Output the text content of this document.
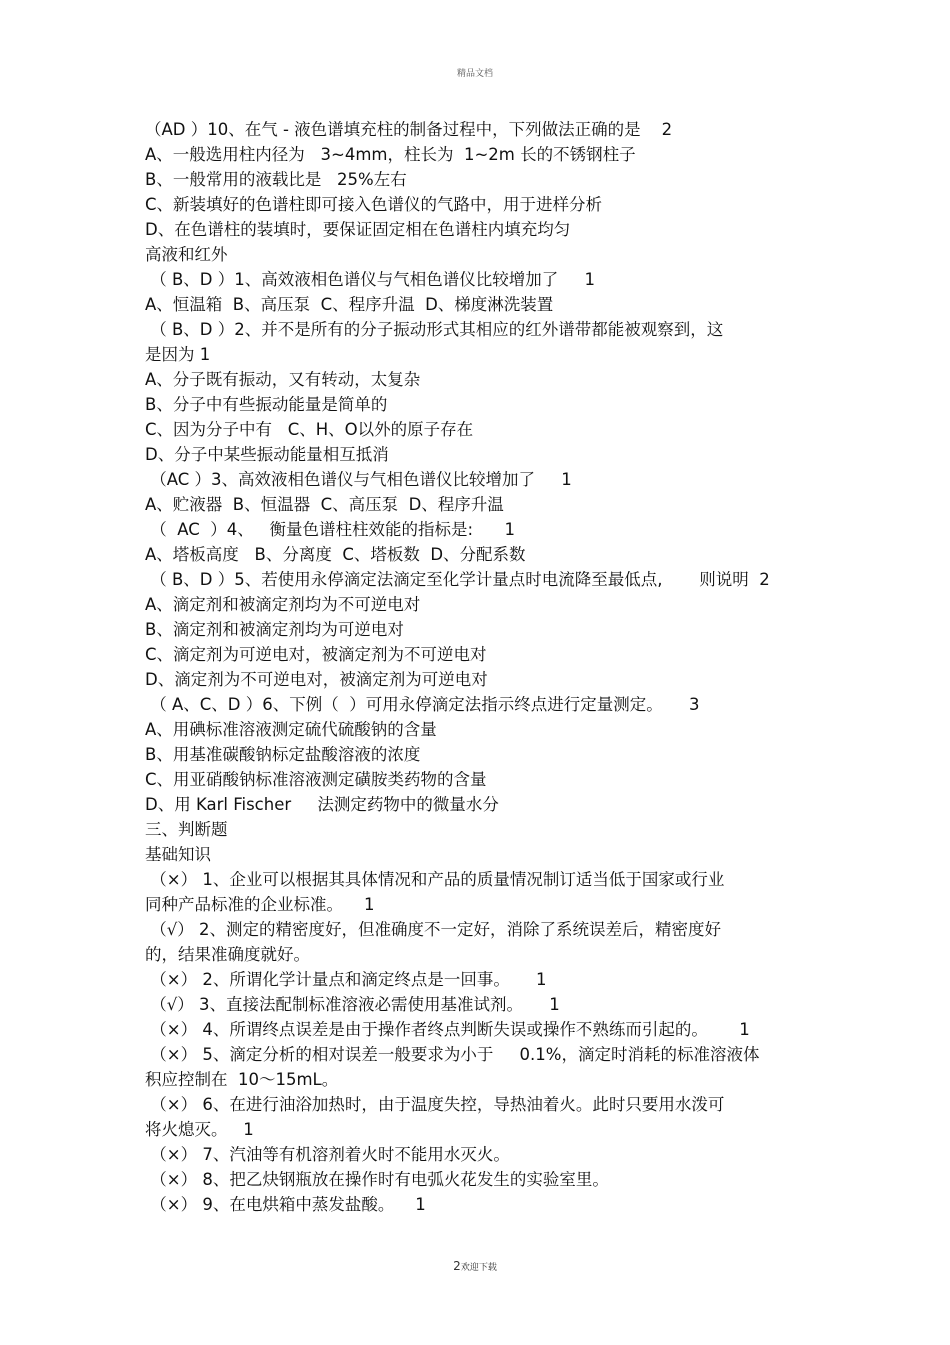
精品文档
（AD ）10、在气 - 液色谱填充柱的制备过程中，下列做法正确的是    2
A、一般选用柱内径为   3~4mm，柱长为  1~2m 长的不锈钢柱子
B、一般常用的液载比是   25%左右
C、新装填好的色谱柱即可接入色谱仪的气路中，用于进样分析
D、在色谱柱的装填时，要保证固定相在色谱柱内填充均匀
高液和红外
（ B、D ）1、高效液相色谱仪与气相色谱仪比较增加了     1
A、恒温箱  B、高压泵  C、程序升温  D、梯度淋洗装置
（ B、D ）2、并不是所有的分子振动形式其相应的红外谱带都能被观察到，这
是因为 1
A、分子既有振动，又有转动，太复杂
B、分子中有些振动能量是简单的
C、因为分子中有   C、H、O以外的原子存在
D、分子中某些振动能量相互抵消
（AC ）3、高效液相色谱仪与气相色谱仪比较增加了     1
A、贮液器  B、恒温器  C、高压泵  D、程序升温
（  AC  ）4、   衡量色谱柱柱效能的指标是:      1
A、塔板高度   B、分离度  C、塔板数  D、分配系数
（ B、D ）5、若使用永停滴定法滴定至化学计量点时电流降至最低点,       则说明  2
A、滴定剂和被滴定剂均为不可逆电对
B、滴定剂和被滴定剂均为可逆电对
C、滴定剂为可逆电对，被滴定剂为不可逆电对
D、滴定剂为不可逆电对，被滴定剂为可逆电对
（ A、C、D ）6、下例（  ）可用永停滴定法指示终点进行定量测定。     3
A、用碘标准溶液测定硫代硫酸钠的含量
B、用基准碳酸钠标定盐酸溶液的浓度
C、用亚硝酸钠标准溶液测定磺胺类药物的含量
D、用 Karl Fischer     法测定药物中的微量水分
三、判断题
基础知识
（×） 1、企业可以根据其具体情况和产品的质量情况制订适当低于国家或行业
同种产品标准的企业标准。    1
（√） 2、测定的精密度好，但准确度不一定好，消除了系统误差后，精密度好
的，结果准确度就好。
（×） 2、所谓化学计量点和滴定终点是一回事。     1
（√） 3、直接法配制标准溶液必需使用基准试剂。     1
（×） 4、所谓终点误差是由于操作者终点判断失误或操作不熟练而引起的。      1
（×） 5、滴定分析的相对误差一般要求为小于     0.1%，滴定时消耗的标准溶液体
积应控制在  10～15mL。
（×） 6、在进行油浴加热时，由于温度失控，导热油着火。此时只要用水泼可
将火熄灭。   1
（×） 7、汽油等有机溶剂着火时不能用水灭火。
（×） 8、把乙炔钢瓶放在操作时有电弧火花发生的实验室里。
（×） 9、在电烘箱中蒸发盐酸。    1
2欢迎下载
